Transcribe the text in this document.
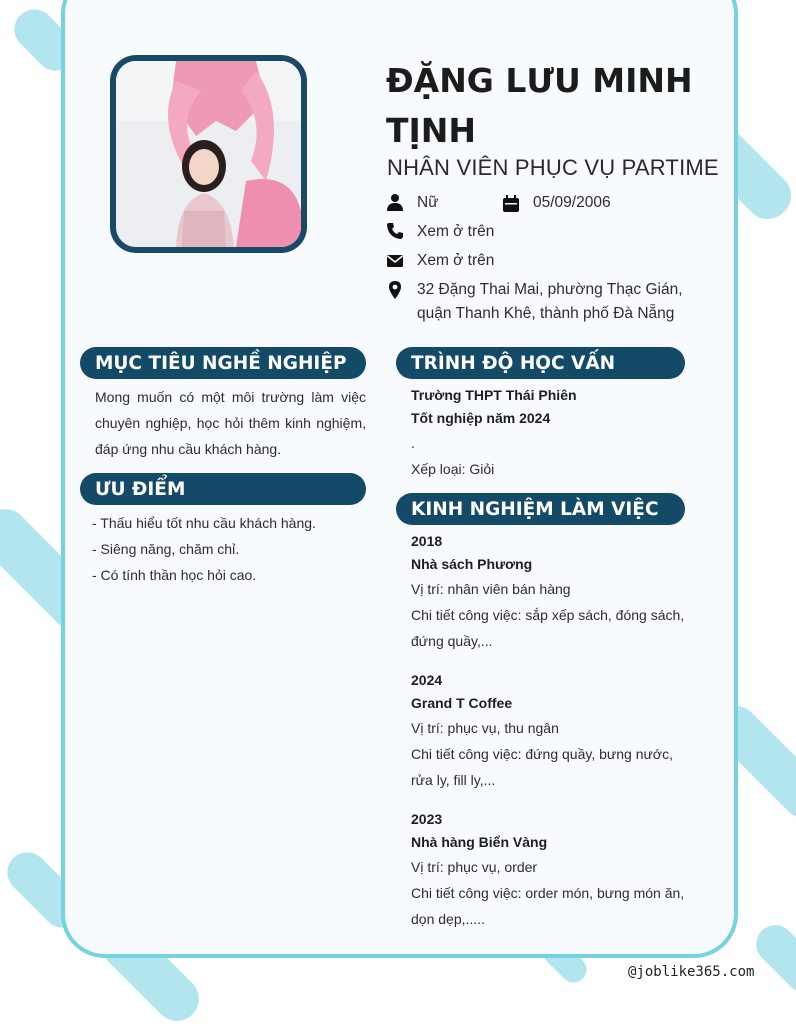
ĐẶNG LƯU MINH TỊNH
NHÂN VIÊN PHỤC VỤ PARTIME
Nữ	05/09/2006
Xem ở trên
Xem ở trên
32 Đặng Thai Mai, phường Thạc Gián,
quận Thanh Khê, thành phố Đà Nẵng
MỤC TIÊU NGHỀ NGHIỆP

Mong muốn có một môi trường làm việc chuyên nghiệp, học hỏi thêm kinh nghiệm, đáp ứng nhu cầu khách hàng.

ƯU ĐIỂM
- Thấu hiểu tốt nhu cầu khách hàng.
- Siêng năng, chăm chỉ.
- Có tính thần học hỏi cao.
TRÌNH ĐỘ HỌC VẤN
Trường THPT Thái Phiên
Tốt nghiệp năm 2024
.
Xếp loại: Giỏi
KINH NGHIỆM LÀM VIỆC
2018
Nhà sách Phương
Vị trí: nhân viên bán hàng
Chi tiết công việc: sắp xếp sách, đóng sách,
đứng quầy,...
2024
Grand T Coffee
Vị trí: phục vụ, thu ngân
Chi tiết công việc: đứng quầy, bưng nước,
rửa ly, fill ly,...
2023
Nhà hàng Biển Vàng
Vị trí: phục vụ, order
Chi tiết công việc: order món, bưng món ăn,
dọn dẹp,.....
@joblike365.com
